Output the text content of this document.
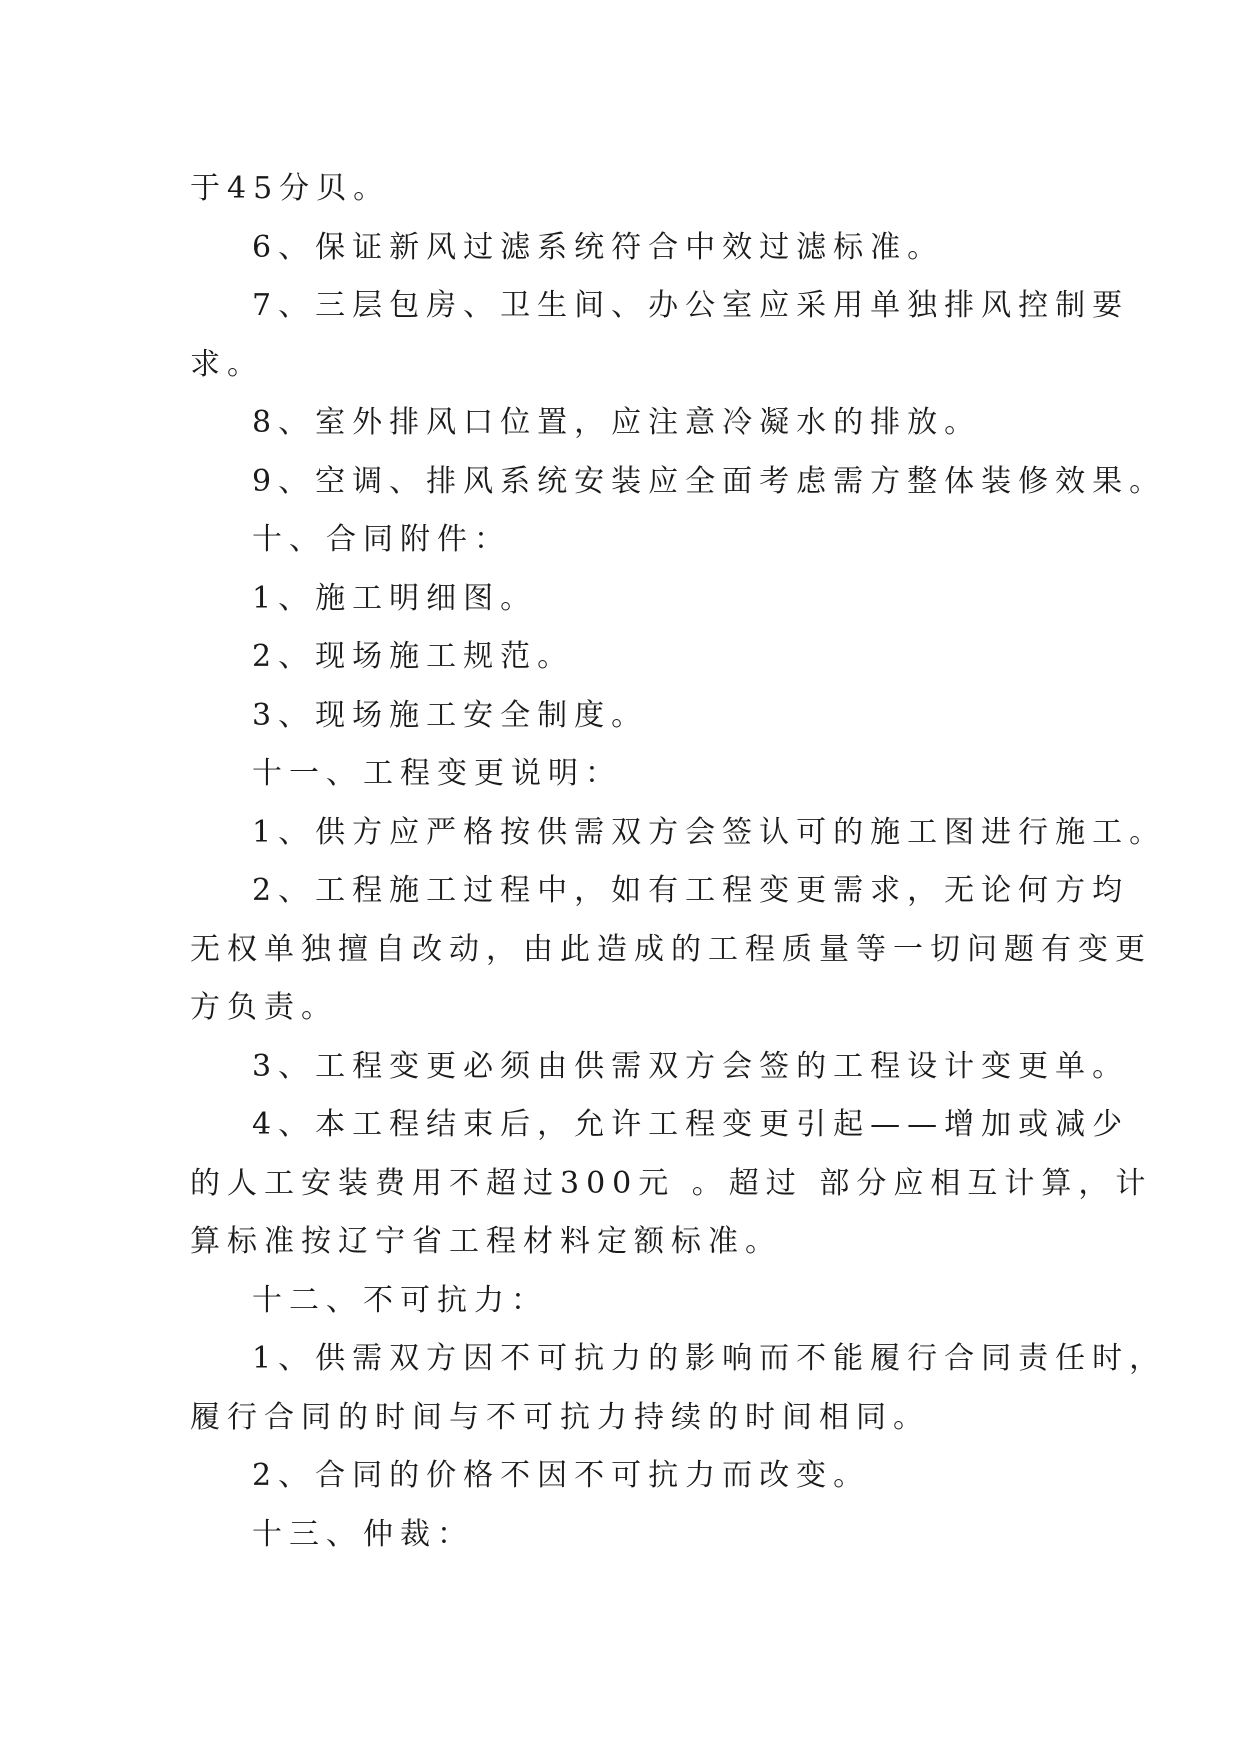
于45分贝。
6、保证新风过滤系统符合中效过滤标准。
7、三层包房、卫生间、办公室应采用单独排风控制要
求。
8、室外排风口位置，应注意冷凝水的排放。
9、空调、排风系统安装应全面考虑需方整体装修效果。
十、合同附件：
1、施工明细图。
2、现场施工规范。
3、现场施工安全制度。
十一、工程变更说明：
1、供方应严格按供需双方会签认可的施工图进行施工。
2、工程施工过程中，如有工程变更需求，无论何方均
无权单独擅自改动，由此造成的工程质量等一切问题有变更
方负责。
3、工程变更必须由供需双方会签的工程设计变更单。
4、本工程结束后，允许工程变更引起——增加或减少
的人工安装费用不超过300元 。超过 部分应相互计算，计
算标准按辽宁省工程材料定额标准。
十二、不可抗力：
1、供需双方因不可抗力的影响而不能履行合同责任时，
履行合同的时间与不可抗力持续的时间相同。
2、合同的价格不因不可抗力而改变。
十三、仲裁：
